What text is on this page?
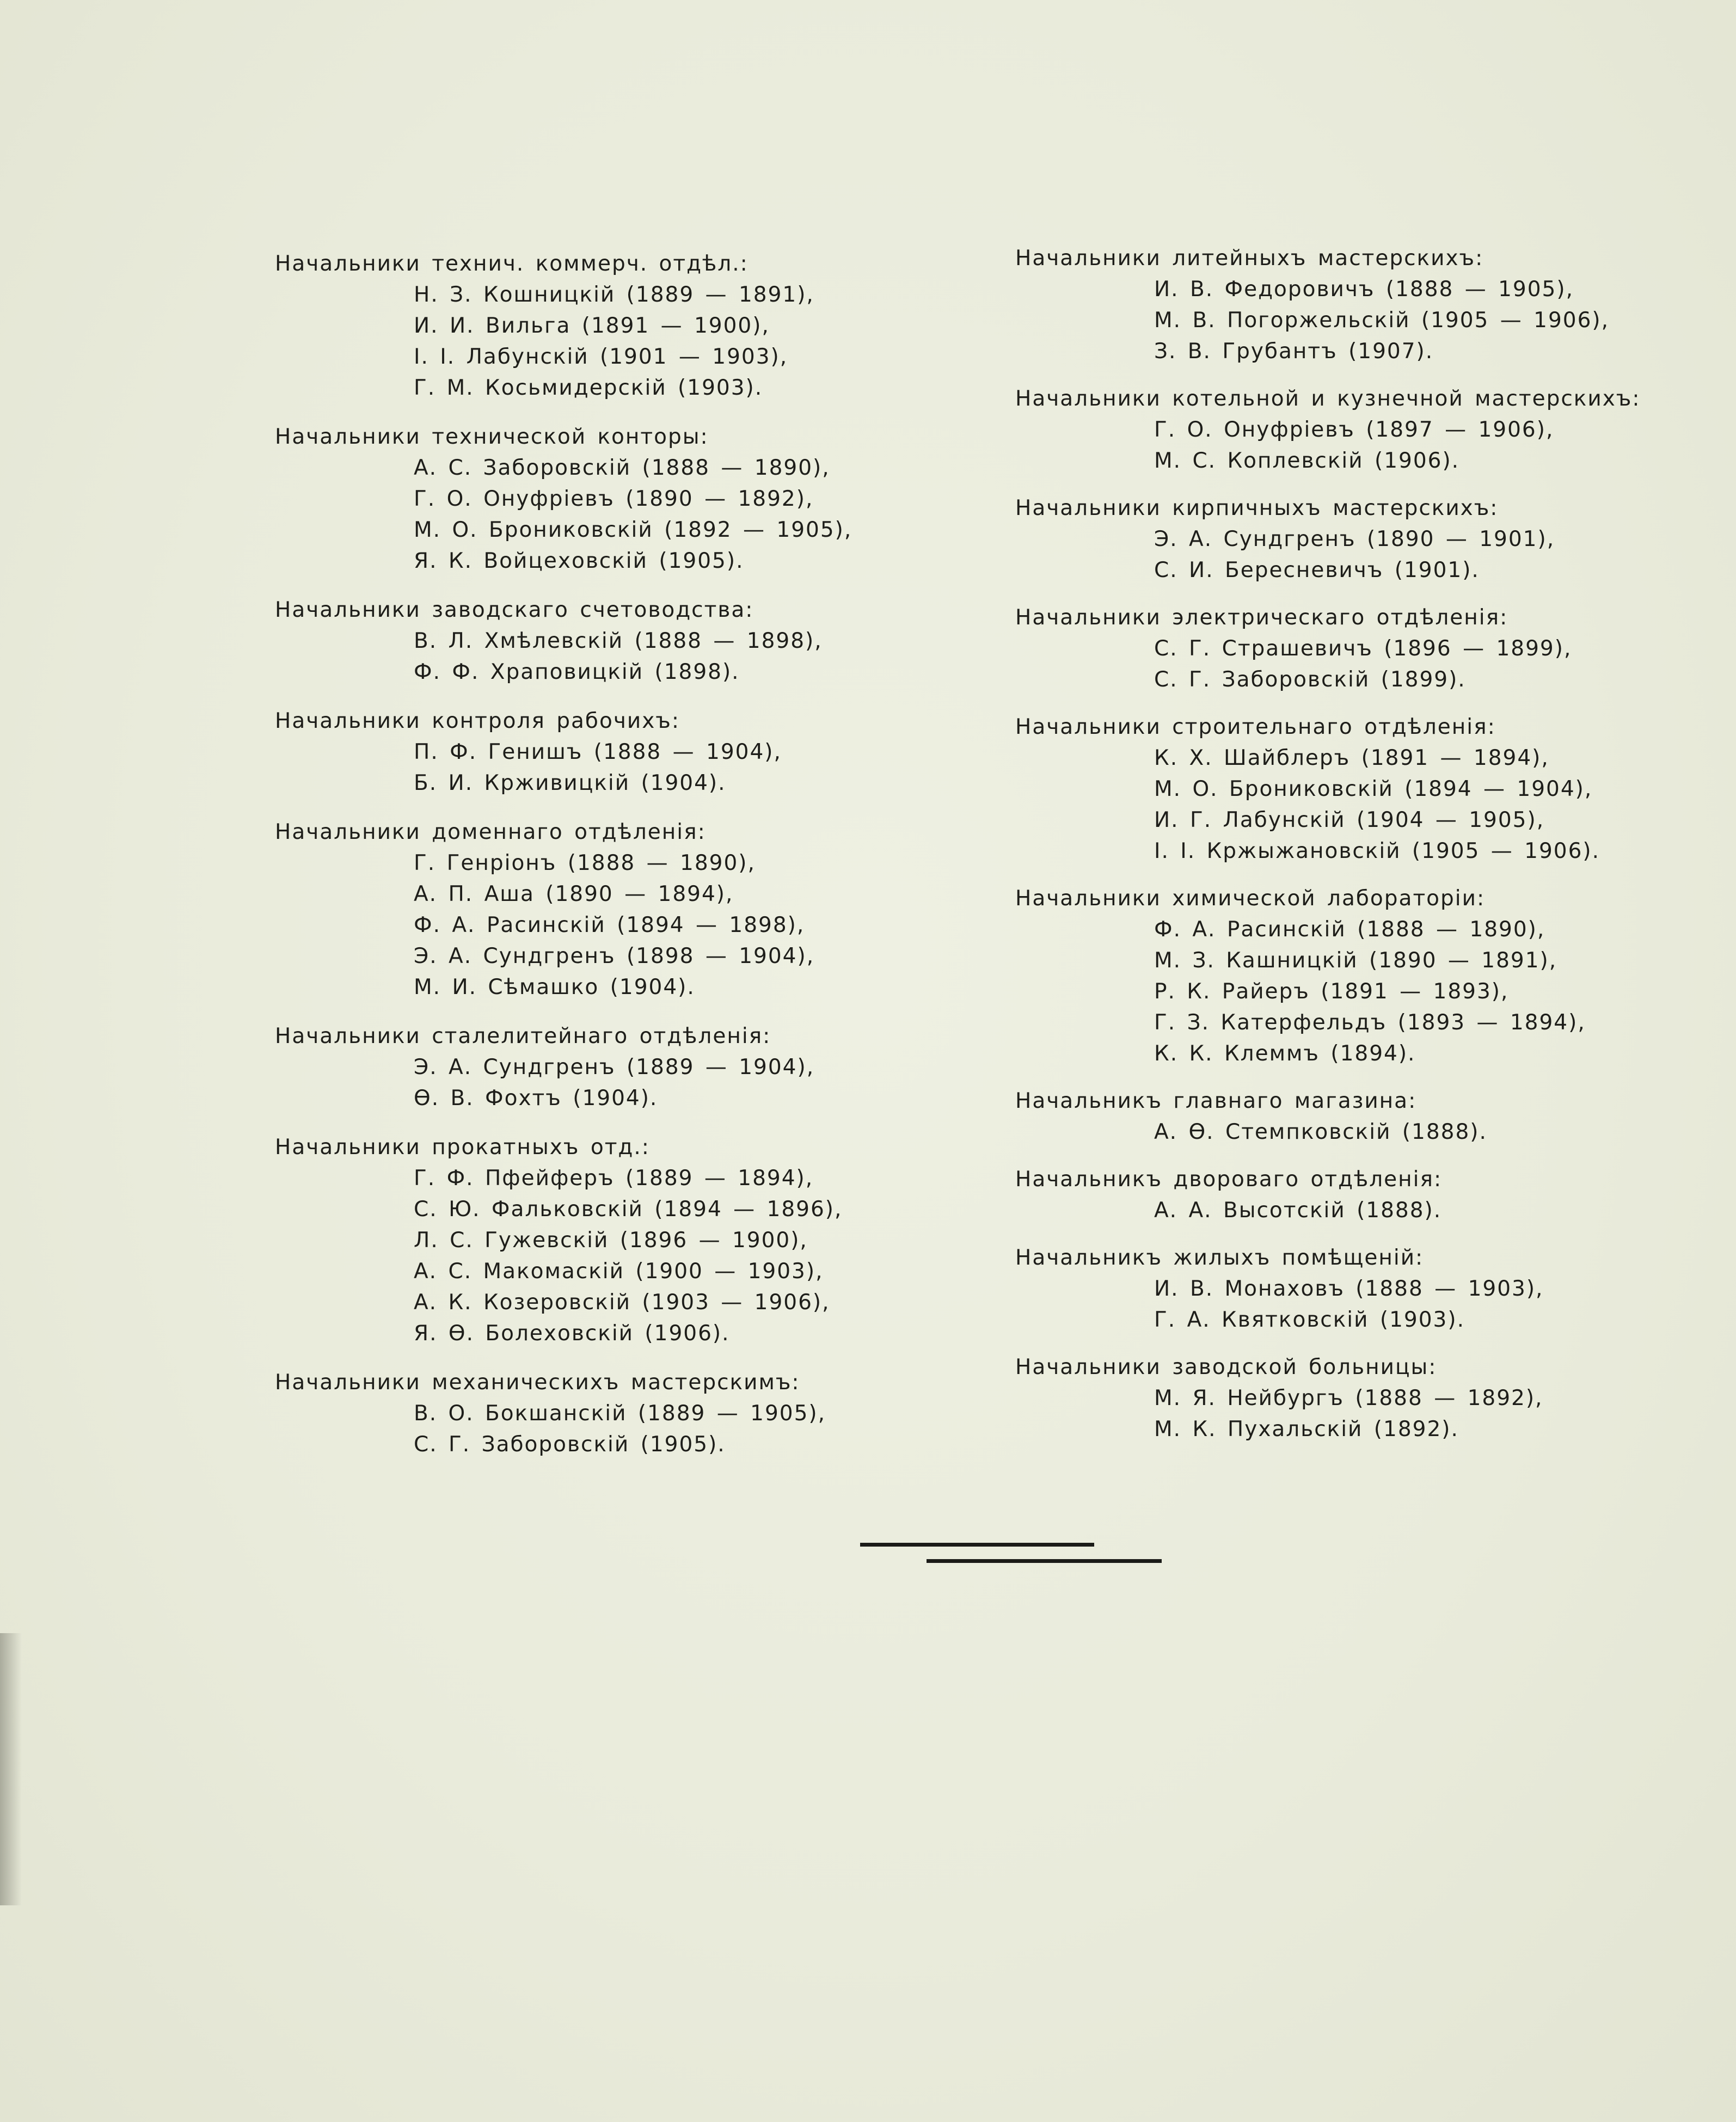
Начальники технич. коммерч. отдѣл.:
Н. З. Кошницкій (1889 — 1891),
И. И. Вильга (1891 — 1900),
I. I. Лабунскій (1901 — 1903),
Г. М. Косьмидерскій (1903).
Начальники технической конторы:
А. С. Заборовскій (1888 — 1890),
Г. О. Онуфріевъ (1890 — 1892),
М. О. Брониковскій (1892 — 1905),
Я. К. Войцеховскій (1905).
Начальники заводскаго счетоводства:
В. Л. Хмѣлевскій (1888 — 1898),
Ф. Ф. Храповицкій (1898).
Начальники контроля рабочихъ:
П. Ф. Генишъ (1888 — 1904),
Б. И. Крживицкій (1904).
Начальники доменнаго отдѣленія:
Г. Генріонъ (1888 — 1890),
А. П. Аша (1890 — 1894),
Ф. А. Расинскій (1894 — 1898),
Э. А. Сундгренъ (1898 — 1904),
М. И. Сѣмашко (1904).
Начальники сталелитейнаго отдѣленія:
Э. А. Сундгренъ (1889 — 1904),
Ѳ. В. Фохтъ (1904).
Начальники прокатныхъ отд.:
Г. Ф. Пфейферъ (1889 — 1894),
С. Ю. Фальковскій (1894 — 1896),
Л. С. Гужевскій (1896 — 1900),
А. С. Макомаскій (1900 — 1903),
А. К. Козеровскій (1903 — 1906),
Я. Ѳ. Болеховскій (1906).
Начальники механическихъ мастерскимъ:
В. О. Бокшанскій (1889 — 1905),
С. Г. Заборовскій (1905).
Начальники литейныхъ мастерскихъ:
И. В. Федоровичъ (1888 — 1905),
М. В. Погоржельскій (1905 — 1906),
З. В. Грубантъ (1907).
Начальники котельной и кузнечной мастерскихъ:
Г. О. Онуфріевъ (1897 — 1906),
М. С. Коплевскій (1906).
Начальники кирпичныхъ мастерскихъ:
Э. А. Сундгренъ (1890 — 1901),
С. И. Бересневичъ (1901).
Начальники электрическаго отдѣленія:
С. Г. Страшевичъ (1896 — 1899),
С. Г. Заборовскій (1899).
Начальники строительнаго отдѣленія:
К. Х. Шайблеръ (1891 — 1894),
М. О. Брониковскій (1894 — 1904),
И. Г. Лабунскій (1904 — 1905),
I. I. Кржыжановскій (1905 — 1906).
Начальники химической лабораторіи:
Ф. А. Расинскій (1888 — 1890),
М. З. Кашницкій (1890 — 1891),
Р. К. Райеръ (1891 — 1893),
Г. З. Катерфельдъ (1893 — 1894),
К. К. Клеммъ (1894).
Начальникъ главнаго магазина:
А. Ѳ. Стемпковскій (1888).
Начальникъ двороваго отдѣленія:
А. А. Высотскій (1888).
Начальникъ жилыхъ помѣщеній:
И. В. Монаховъ (1888 — 1903),
Г. А. Квятковскій (1903).
Начальники заводской больницы:
М. Я. Нейбургъ (1888 — 1892),
М. К. Пухальскій (1892).
